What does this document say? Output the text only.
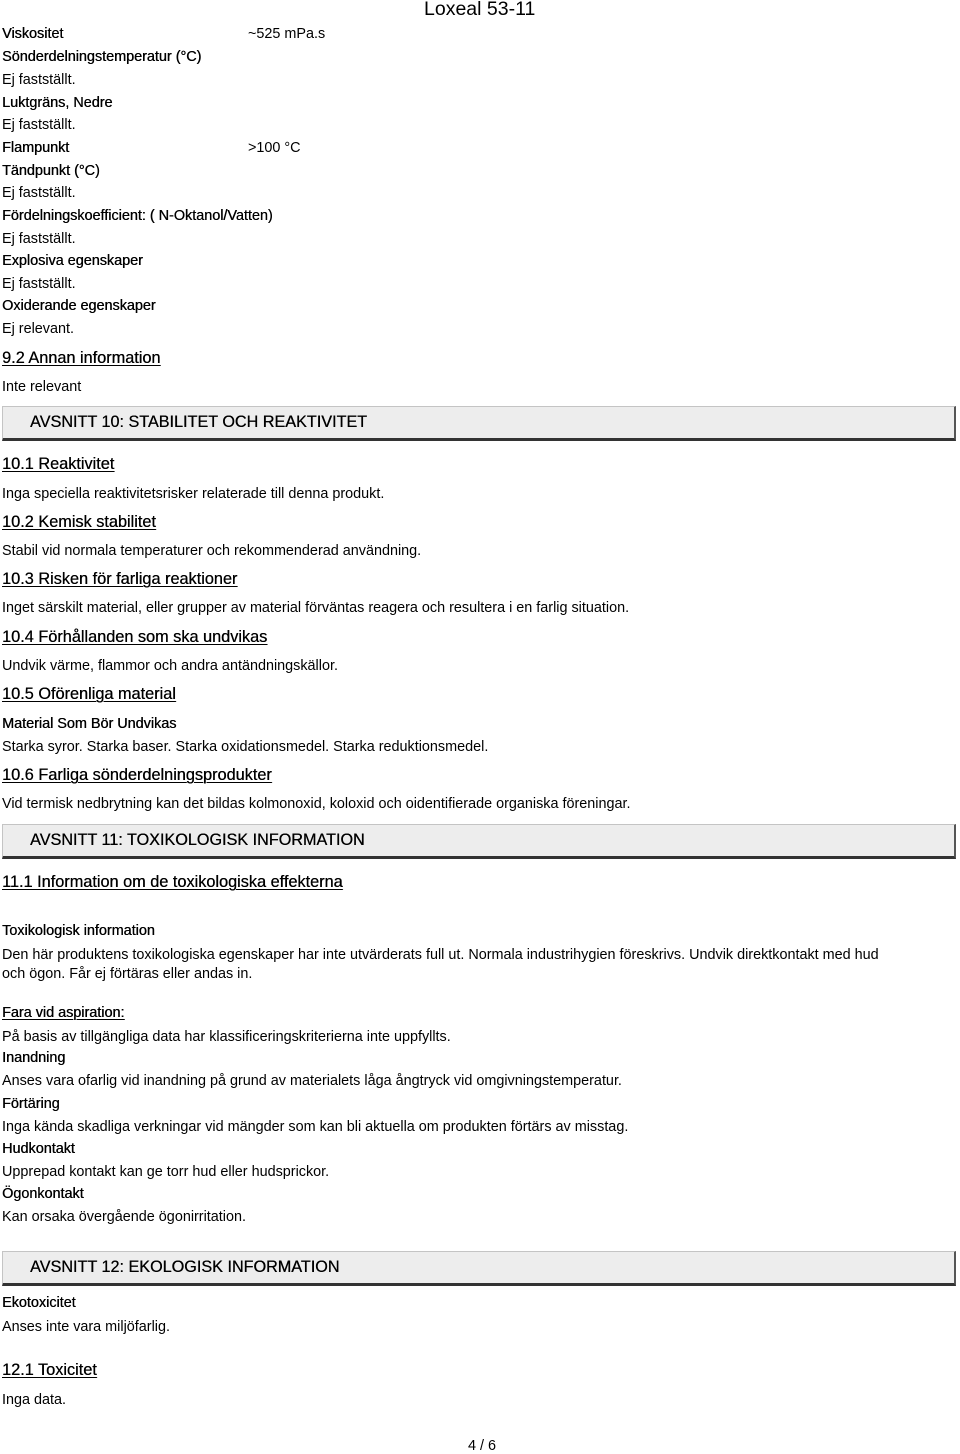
Loxeal 53-11
Viskositet	~525 mPa.s
Sönderdelningstemperatur (°C)
Ej fastställt.
Luktgräns, Nedre
Ej fastställt.
Flampunkt	>100 °C
Tändpunkt (°C)
Ej fastställt.
Fördelningskoefficient: ( N-Oktanol/Vatten)
Ej fastställt.
Explosiva egenskaper
Ej fastställt.
Oxiderande egenskaper
Ej relevant.
9.2 Annan information
Inte relevant
AVSNITT 10: STABILITET OCH REAKTIVITET
10.1 Reaktivitet
Inga speciella reaktivitetsrisker relaterade till denna produkt.
10.2 Kemisk stabilitet
Stabil vid normala temperaturer och rekommenderad användning.
10.3 Risken för farliga reaktioner
Inget särskilt material, eller grupper av material förväntas reagera och resultera i en farlig situation.
10.4 Förhållanden som ska undvikas
Undvik värme, flammor och andra antändningskällor.
10.5 Oförenliga material
Material Som Bör Undvikas
Starka syror. Starka baser. Starka oxidationsmedel. Starka reduktionsmedel.
10.6 Farliga sönderdelningsprodukter
Vid termisk nedbrytning kan det bildas kolmonoxid, koloxid och oidentifierade organiska föreningar.
AVSNITT 11: TOXIKOLOGISK INFORMATION
11.1 Information om de toxikologiska effekterna
Toxikologisk information
Den här produktens toxikologiska egenskaper har inte utvärderats full ut. Normala industrihygien föreskrivs. Undvik direktkontakt med hud och ögon. Får ej förtäras eller andas in.
Fara vid aspiration:
På basis av tillgängliga data har klassificeringskriterierna inte uppfyllts.
Inandning
Anses vara ofarlig vid inandning på grund av materialets låga ångtryck vid omgivningstemperatur.
Förtäring
Inga kända skadliga verkningar vid mängder som kan bli aktuella om produkten förtärs av misstag.
Hudkontakt
Upprepad kontakt kan ge torr hud eller hudsprickor.
Ögonkontakt
Kan orsaka övergående ögonirritation.
AVSNITT 12: EKOLOGISK INFORMATION
Ekotoxicitet
Anses inte vara miljöfarlig.
12.1 Toxicitet
Inga data.
4 / 6
